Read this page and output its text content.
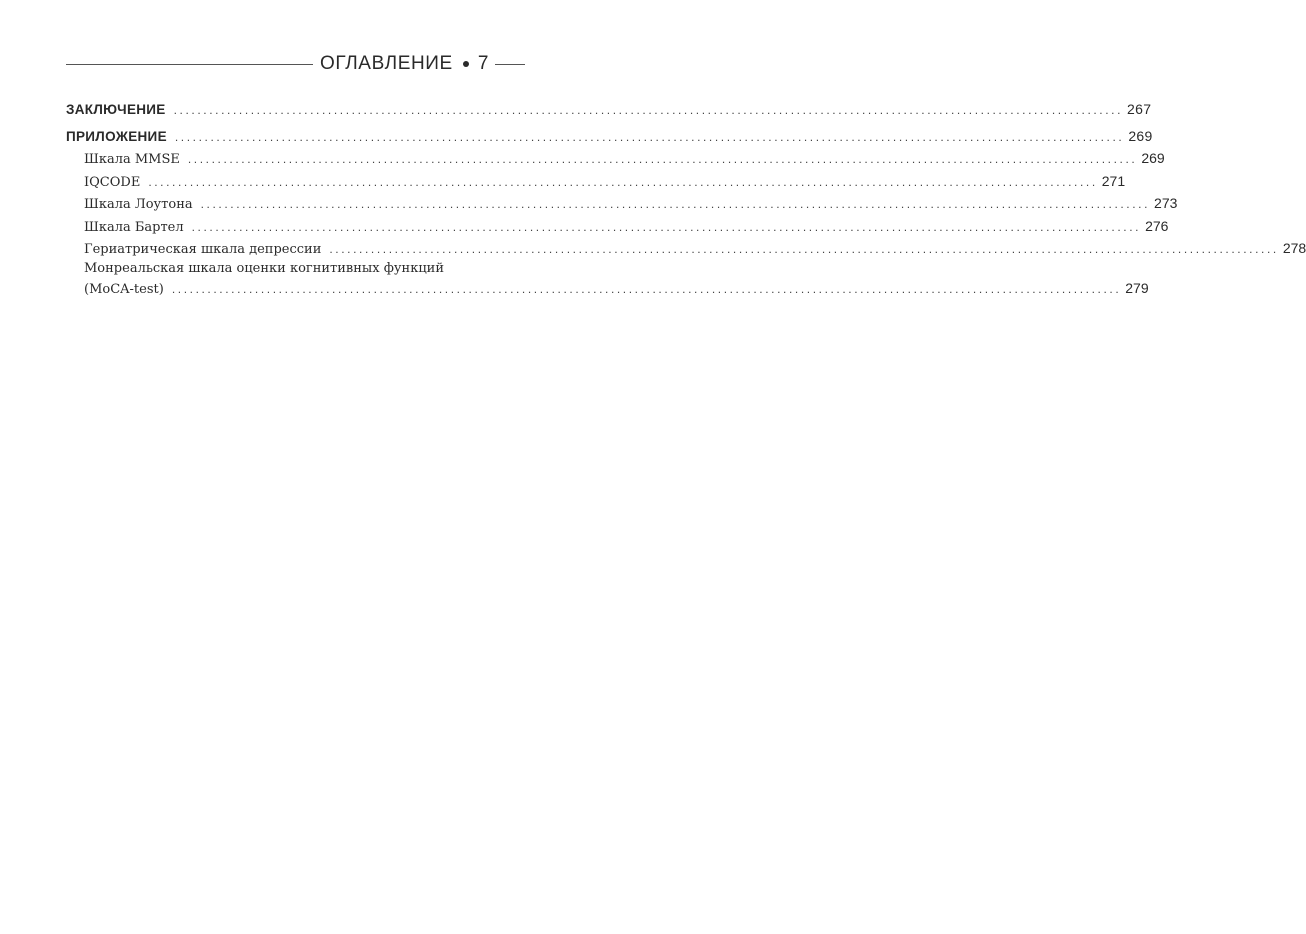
ОГЛАВЛЕНИЕ 7
ЗАКЛЮЧЕНИЕ ................................................................................................................................................................ 267
ПРИЛОЖЕНИЕ ................................................................................................................................................................ 269
Шкала MMSE ................................................................................................................................................................ 269
IQCODE ................................................................................................................................................................ 271
Шкала Лоутона ................................................................................................................................................................ 273
Шкала Бартел ................................................................................................................................................................ 276
Гериатрическая шкала депрессии ................................................................................................................................................................ 278
Монреальская шкала оценки когнитивных функций
(MoCA-test) ................................................................................................................................................................ 279
